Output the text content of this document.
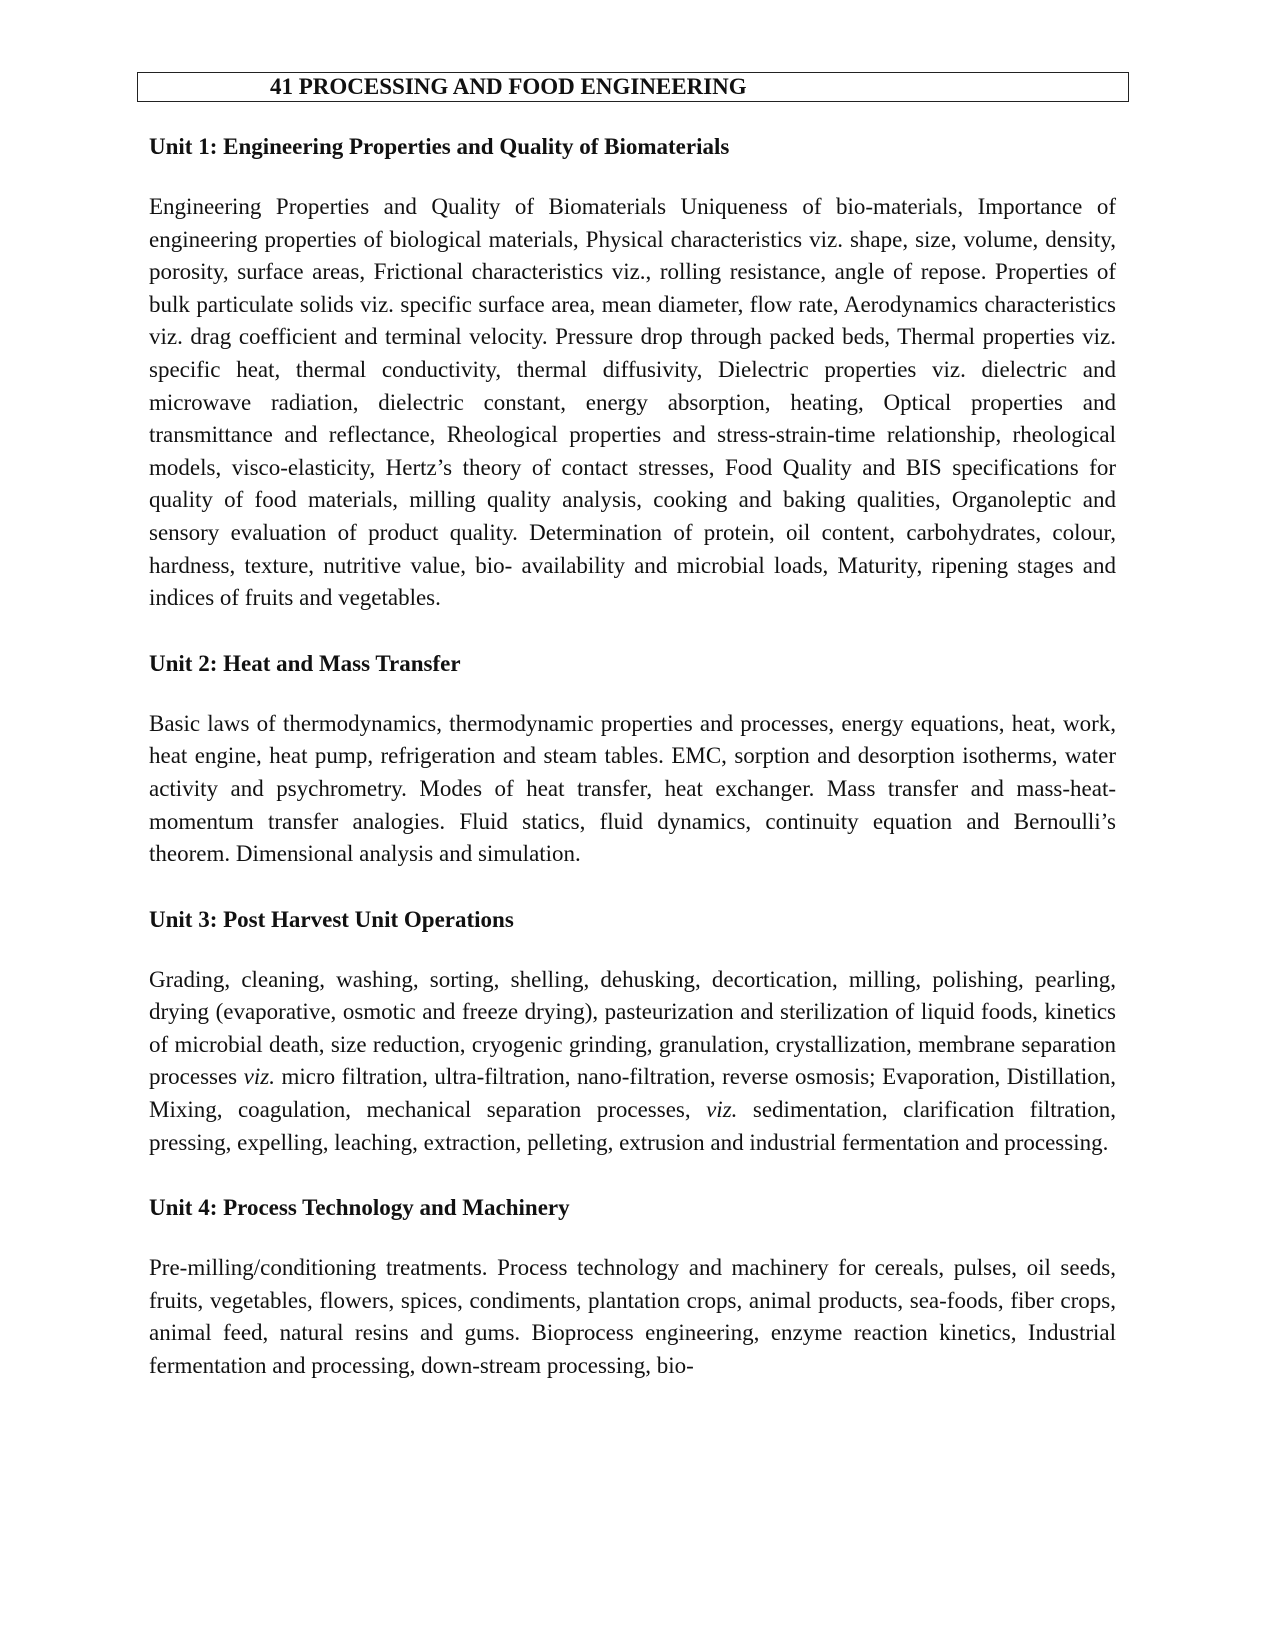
41 PROCESSING AND FOOD ENGINEERING
Unit 1: Engineering Properties and Quality of Biomaterials

Engineering Properties and Quality of Biomaterials Uniqueness of bio-materials, Importance of engineering properties of biological materials, Physical characteristics viz. shape, size, volume, density, porosity, surface areas, Frictional characteristics viz., rolling resistance, angle of repose. Properties of bulk particulate solids viz. specific surface area, mean diameter, flow rate, Aerodynamics characteristics viz. drag coefficient and terminal velocity. Pressure drop through packed beds, Thermal properties viz. specific heat, thermal conductivity, thermal diffusivity, Dielectric properties viz. dielectric and microwave radiation, dielectric constant, energy absorption, heating, Optical properties and transmittance and reflectance, Rheological properties and stress-strain-time relationship, rheological models, visco-elasticity, Hertz’s theory of contact stresses, Food Quality and BIS specifications for quality of food materials, milling quality analysis, cooking and baking qualities, Organoleptic and sensory evaluation of product quality. Determination of protein, oil content, carbohydrates, colour, hardness, texture, nutritive value, bio- availability and microbial loads, Maturity, ripening stages and indices of fruits and vegetables.

Unit 2: Heat and Mass Transfer

Basic laws of thermodynamics, thermodynamic properties and processes, energy equations, heat, work, heat engine, heat pump, refrigeration and steam tables. EMC, sorption and desorption isotherms, water activity and psychrometry. Modes of heat transfer, heat exchanger. Mass transfer and mass-heat-momentum transfer analogies. Fluid statics, fluid dynamics, continuity equation and Bernoulli’s theorem. Dimensional analysis and simulation.

Unit 3: Post Harvest Unit Operations

Grading, cleaning, washing, sorting, shelling, dehusking, decortication, milling, polishing, pearling, drying (evaporative, osmotic and freeze drying), pasteurization and sterilization of liquid foods, kinetics of microbial death, size reduction, cryogenic grinding, granulation, crystallization, membrane separation processes viz. micro filtration, ultra-filtration, nano-filtration, reverse osmosis; Evaporation, Distillation, Mixing, coagulation, mechanical separation processes, viz. sedimentation, clarification filtration, pressing, expelling, leaching, extraction, pelleting, extrusion and industrial fermentation and processing.

Unit 4: Process Technology and Machinery

Pre-milling/conditioning treatments. Process technology and machinery for cereals, pulses, oil seeds, fruits, vegetables, flowers, spices, condiments, plantation crops, animal products, sea-foods, fiber crops, animal feed, natural resins and gums. Bioprocess engineering, enzyme reaction kinetics, Industrial fermentation and processing, down-stream processing, bio-
